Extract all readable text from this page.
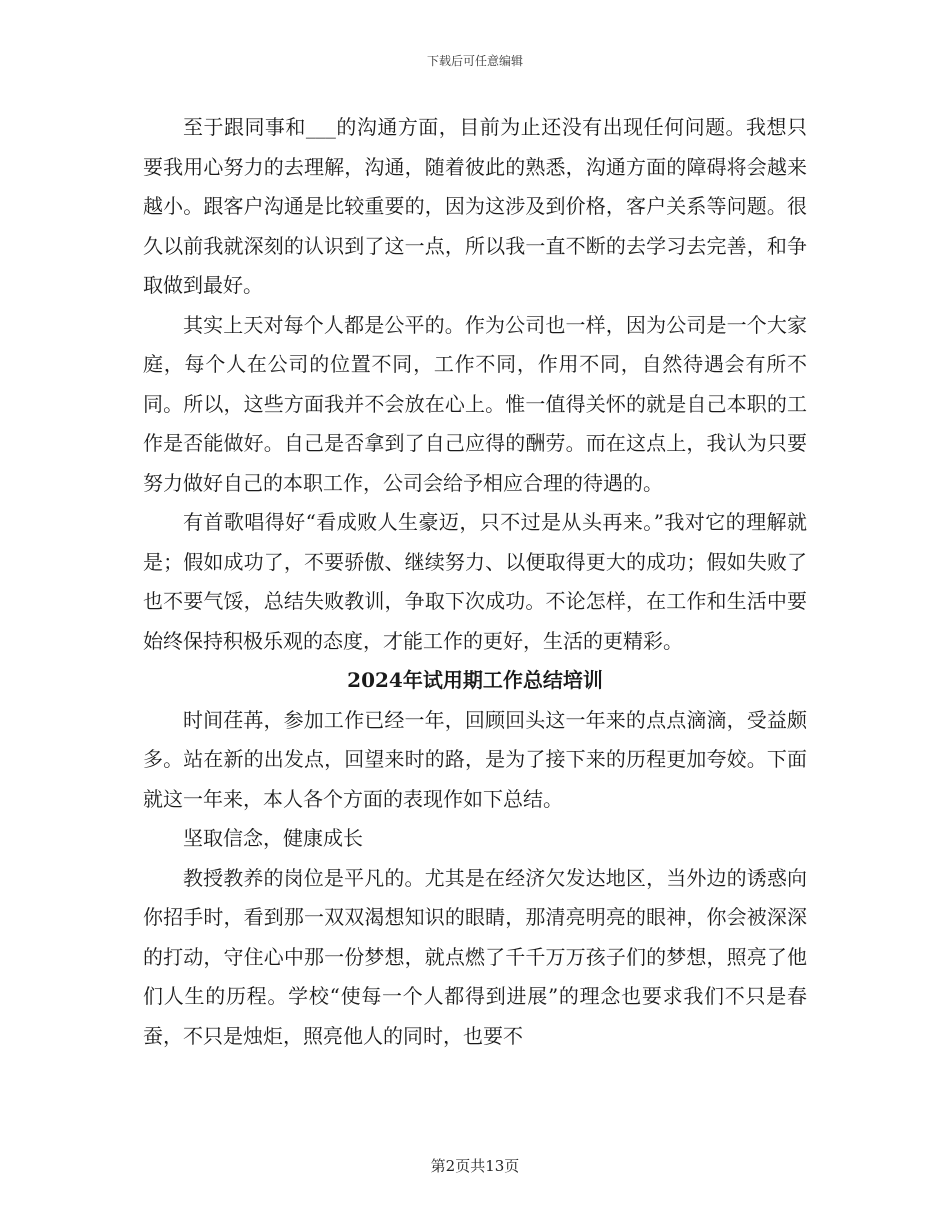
下载后可任意编辑

至于跟同事和___的沟通方面，目前为止还没有出现任何问题。我想只要我用心努力的去理解，沟通，随着彼此的熟悉，沟通方面的障碍将会越来越小。跟客户沟通是比较重要的，因为这涉及到价格，客户关系等问题。很久以前我就深刻的认识到了这一点，所以我一直不断的去学习去完善，和争取做到最好。

其实上天对每个人都是公平的。作为公司也一样，因为公司是一个大家庭，每个人在公司的位置不同，工作不同，作用不同，自然待遇会有所不同。所以，这些方面我并不会放在心上。惟一值得关怀的就是自己本职的工作是否能做好。自己是否拿到了自己应得的酬劳。而在这点上，我认为只要努力做好自己的本职工作，公司会给予相应合理的待遇的。

有首歌唱得好“看成败人生豪迈，只不过是从头再来。”我对它的理解就是；假如成功了，不要骄傲、继续努力、以便取得更大的成功；假如失败了也不要气馁，总结失败教训，争取下次成功。不论怎样，在工作和生活中要始终保持积极乐观的态度，才能工作的更好，生活的更精彩。

2024年试用期工作总结培训

时间荏苒，参加工作已经一年，回顾回头这一年来的点点滴滴，受益颇多。站在新的出发点，回望来时的路，是为了接下来的历程更加夸姣。下面就这一年来，本人各个方面的表现作如下总结。

坚取信念，健康成长

教授教养的岗位是平凡的。尤其是在经济欠发达地区，当外边的诱惑向你招手时，看到那一双双渴想知识的眼睛，那清亮明亮的眼神，你会被深深的打动，守住心中那一份梦想，就点燃了千千万万孩子们的梦想，照亮了他们人生的历程。学校“使每一个人都得到进展”的理念也要求我们不只是春蚕，不只是烛炬，照亮他人的同时，也要不

第2页共13页
